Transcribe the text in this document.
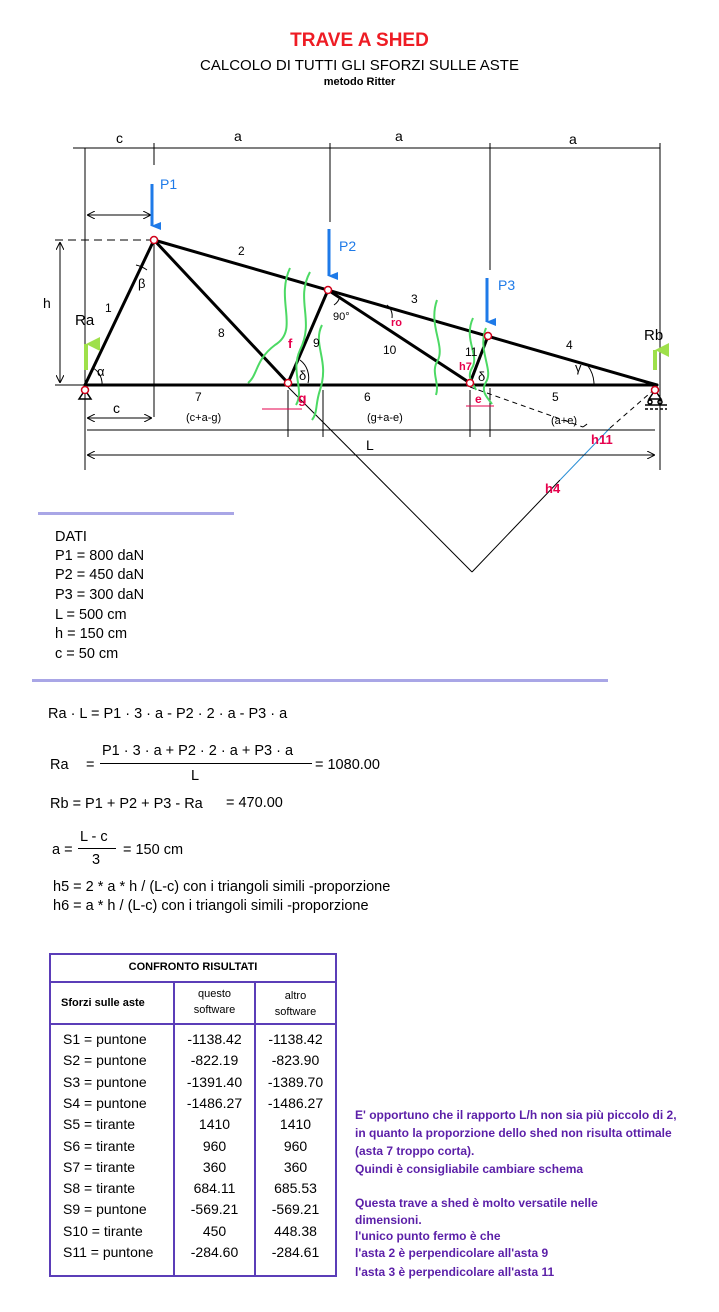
TRAVE A SHED
CALCOLO DI TUTTI GLI SFORZI SULLE ASTE
metodo Ritter
c	a	a	a
h
c
(c+a-g)	(g+a-e)	(a+e)
L
P1
P2
P3
Ra
Rb
1
2
3
4
5
6
7
8
9	10	11
α
β
γ
δ	δ
90°	ro
f
g
h7
e
h11
h4
DATI
P1 = 800 daN
P2 = 450 daN
P3 = 300 daN
L = 500 cm
h = 150 cm
c = 50 cm
Ra · L = P1 · 3 · a - P2 · 2 · a - P3 · a
Ra =
P1 · 3 · a + P2 · 2 · a + P3 · a
L
= 1080.00
Rb = P1 + P2 + P3 - Ra = 470.00
a =
L - c
3
= 150 cm
h5 = 2 * a * h / (L-c) con i triangoli simili -proporzione
h6 = a * h / (L-c) con i triangoli simili -proporzione
CONFRONTO RISULTATI
Sforzi sulle aste
questo
software
altro
software
S1 = puntone	-1138.42	-1138.42
S2 = puntone	-822.19	-823.90
S3 = puntone	-1391.40	-1389.70
S4 = puntone	-1486.27	-1486.27
S5 = tirante	1410	1410
S6 = tirante	960	960
S7 = tirante	360	360
S8 = tirante	684.11	685.53
S9 = puntone	-569.21	-569.21
S10 = tirante	450	448.38
S11 = puntone	-284.60	-284.61
E' opportuno che il rapporto L/h non sia più piccolo di 2,
in quanto la proporzione dello shed non risulta ottimale
(asta 7 troppo corta).
Quindi è consigliabile cambiare schema
Questa trave a shed è molto versatile nelle
dimensioni.
l'unico punto fermo è che
l'asta 2 è perpendicolare all'asta 9
l'asta 3 è perpendicolare all'asta 11
